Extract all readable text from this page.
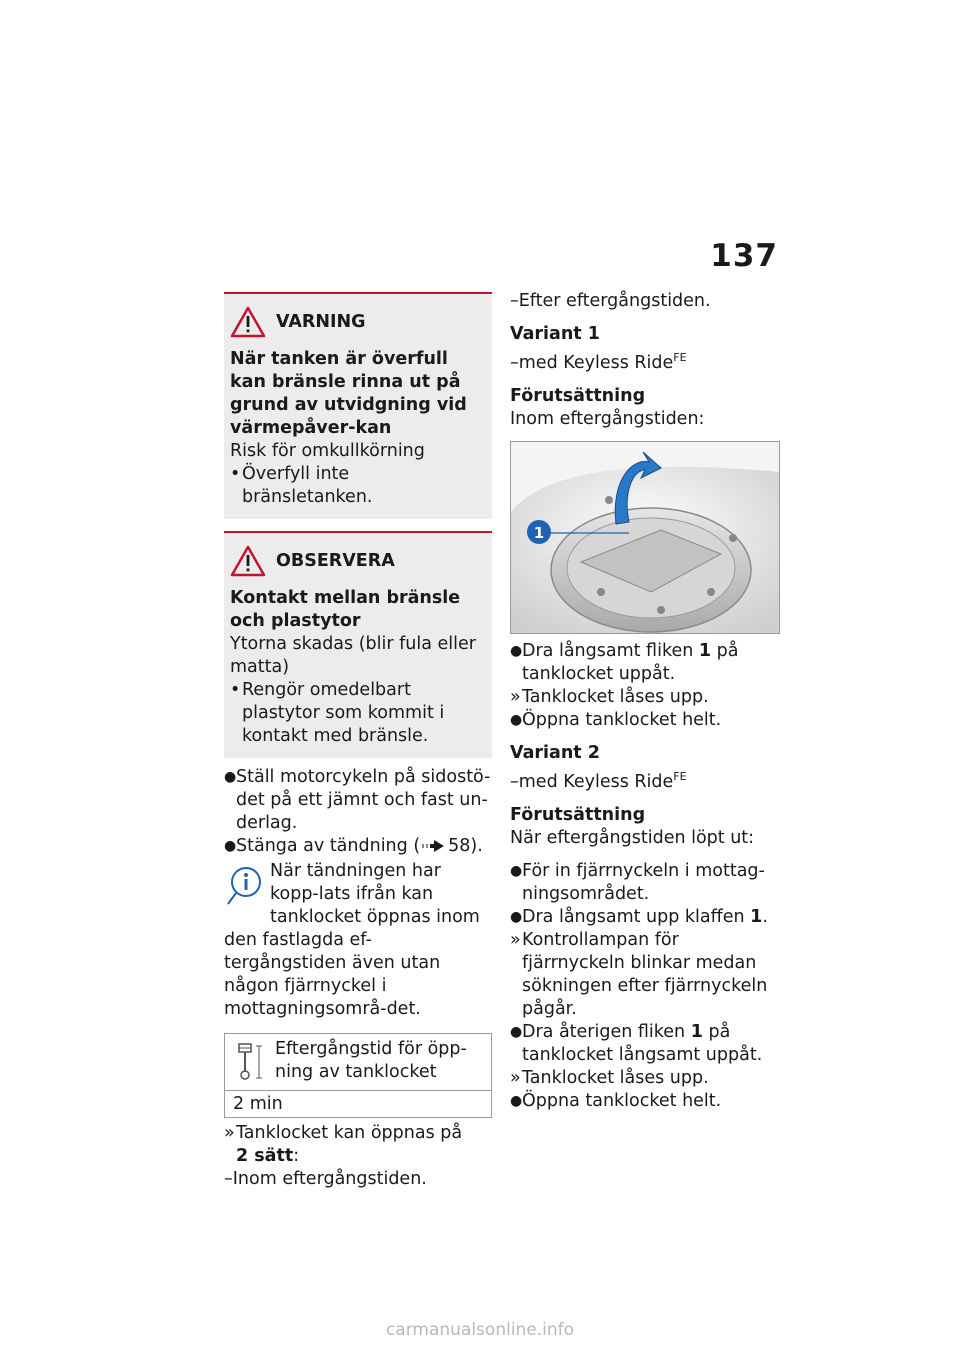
137
VARNING

När tanken är överfull kan bränsle rinna ut på grund av utvidgning vid värmepåver-kan

Risk för omkullkörning

• Överfyll inte bränsletanken.

OBSERVERA

Kontakt mellan bränsle och plastytor

Ytorna skadas (blir fula eller matta)

• Rengör omedelbart plastytor som kommit i kontakt med bränsle.

● Ställ motorcykeln på sidostö-det på ett jämnt och fast un-derlag.

● Stänga av tändning ( 58).

När tändningen har kopp-lats ifrån kan tanklocket öppnas inom den fastlagda ef-tergångstiden även utan någon fjärrnyckel i mottagningsområ-det.
Eftergångstid för öpp-ning av tanklocket
2 min

» Tanklocket kan öppnas på
2 sätt:

–Inom eftergångstiden.

–Efter eftergångstiden.

Variant 1

–med Keyless Ride$^{FE}$

Förutsättning

Inom eftergångstiden:

1

● Dra långsamt fliken 1 på tanklocket uppåt.

» Tanklocket låses upp.

● Öppna tanklocket helt.

Variant 2

–med Keyless Ride$^{FE}$

Förutsättning

När eftergångstiden löpt ut:

● För in fjärrnyckeln i mottag-ningsområdet.

● Dra långsamt upp klaffen 1.

» Kontrollampan för fjärrnyckeln blinkar medan sökningen efter fjärrnyckeln pågår.

● Dra återigen fliken 1 på tanklocket långsamt uppåt.

» Tanklocket låses upp.

● Öppna tanklocket helt.

carmanualsonline.info
